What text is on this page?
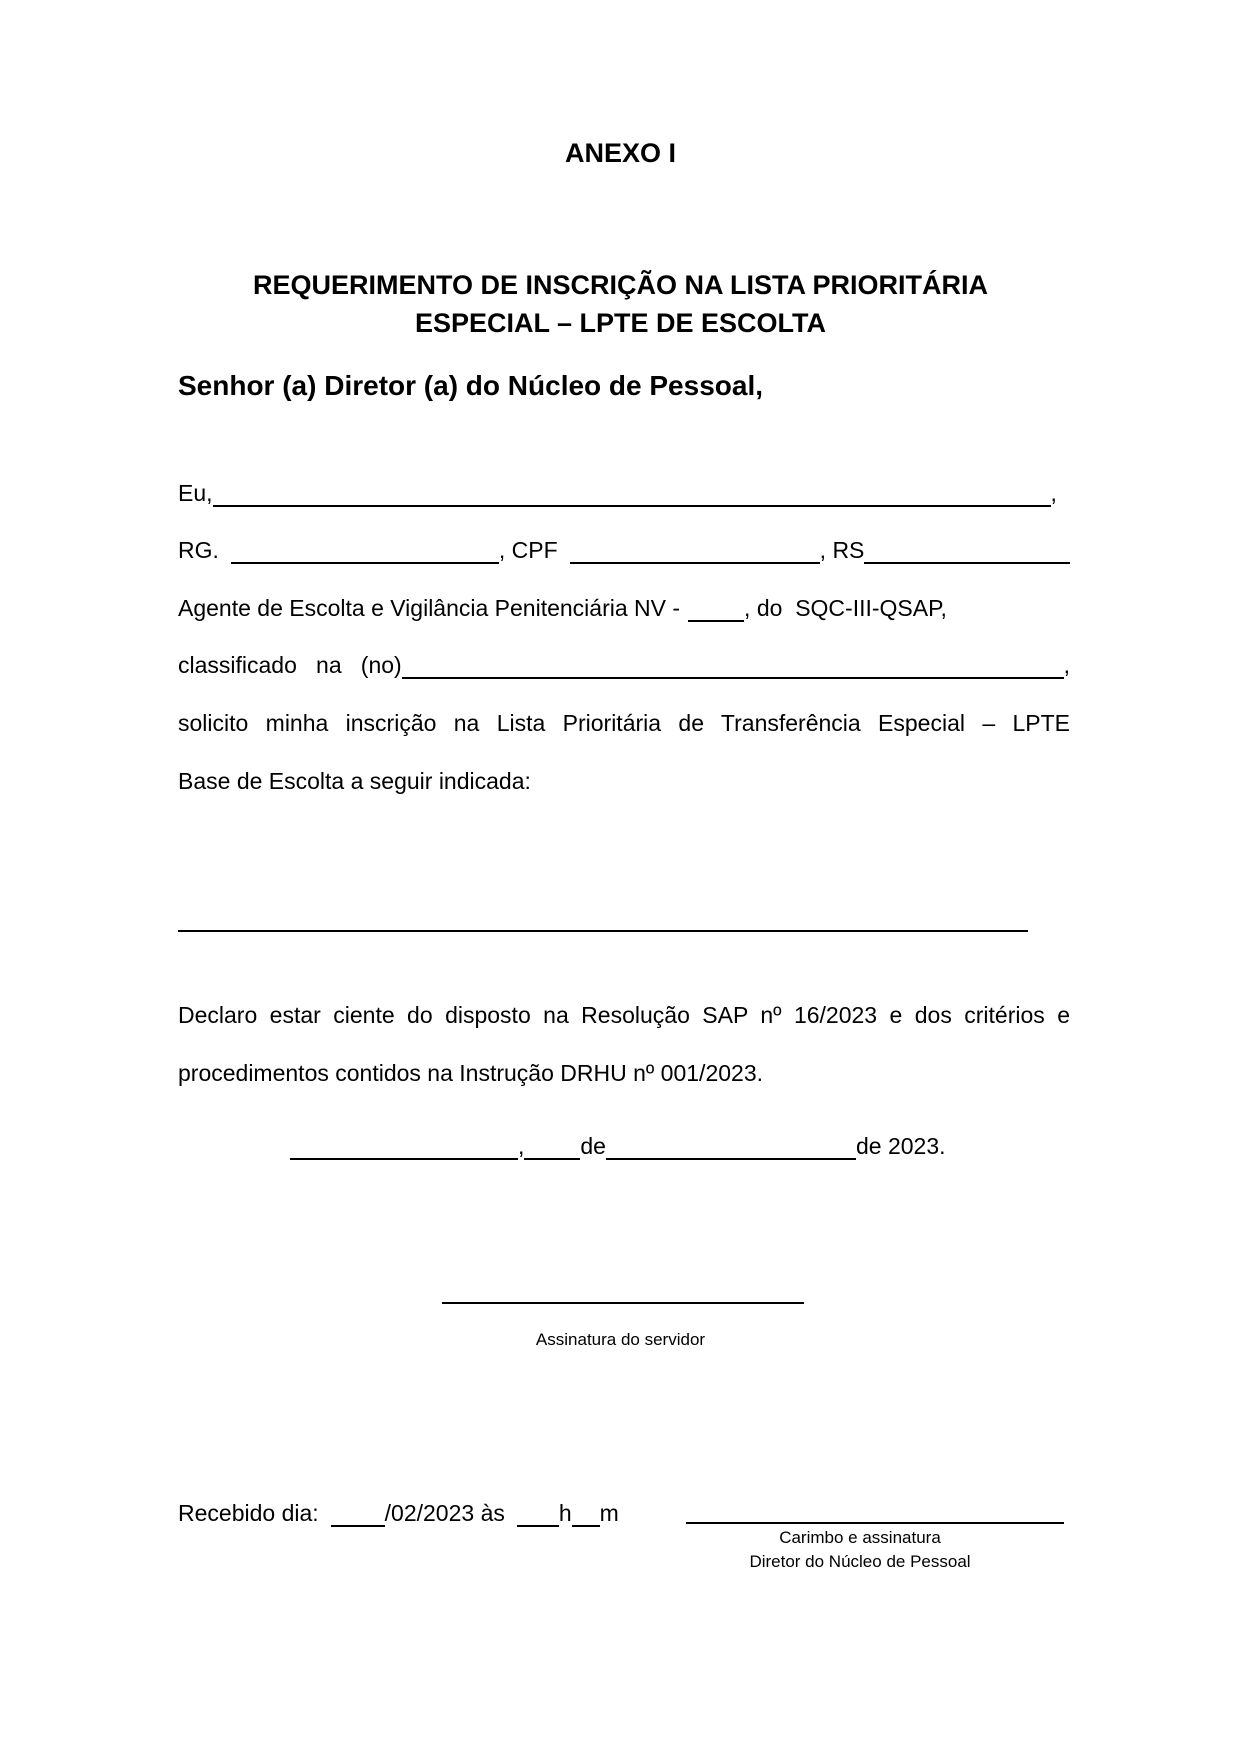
ANEXO I
REQUERIMENTO DE INSCRIÇÃO NA LISTA PRIORITÁRIA
ESPECIAL – LPTE DE ESCOLTA
Senhor (a) Diretor (a) do Núcleo de Pessoal,
Eu,	,
RG.	, CPF	, RS
Agente de Escolta e Vigilância Penitenciária NV -	, do  SQC-III-QSAP,
classificado   na   (no)	,
solicito minha inscrição na Lista Prioritária de Transferência Especial – LPTE
Base de Escolta a seguir indicada:
Declaro estar ciente do disposto na Resolução SAP nº 16/2023 e dos critérios e
procedimentos contidos na Instrução DRHU nº 001/2023.
, de	de 2023.
Assinatura do servidor
Recebido dia:	/02/2023 às h m
Carimbo e assinatura
Diretor do Núcleo de Pessoal
